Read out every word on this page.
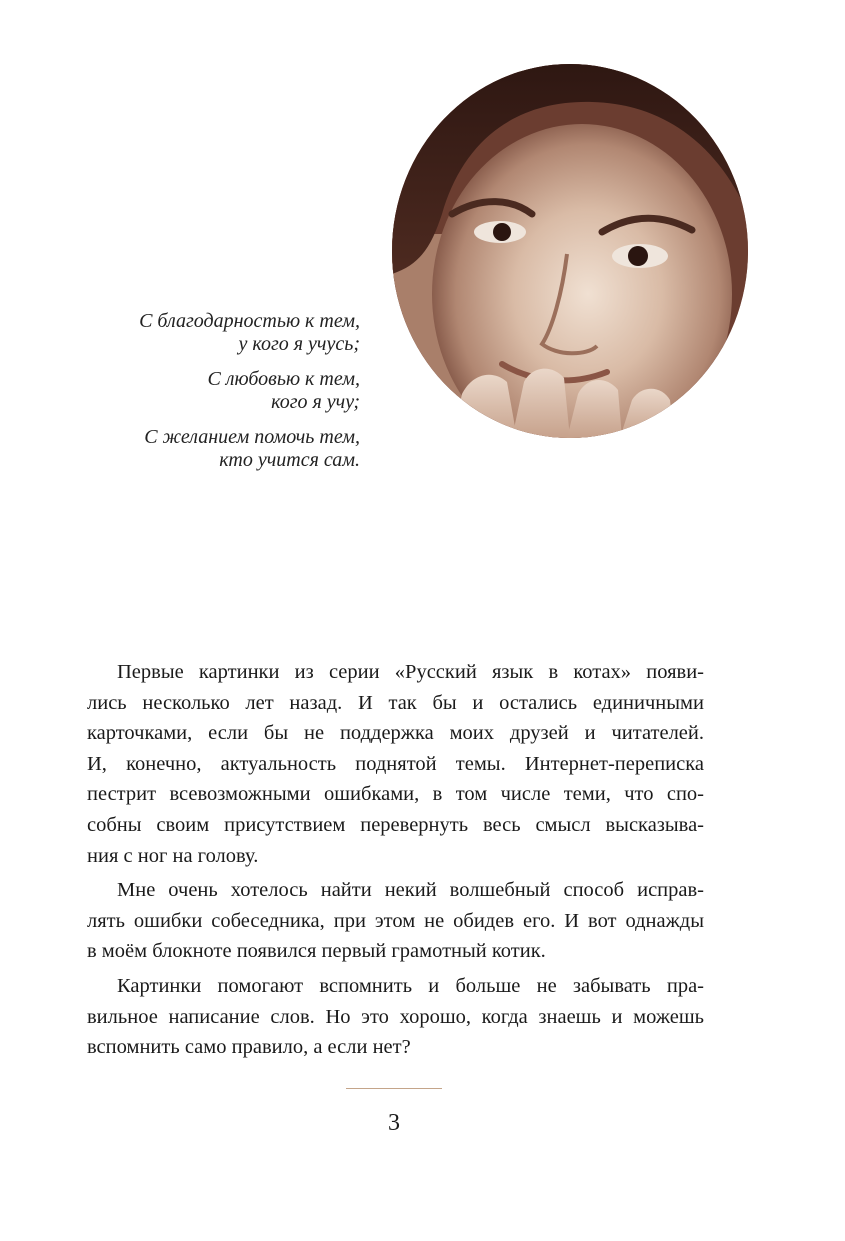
С благодарностью к тем,
у кого я учусь;

С любовью к тем,
кого я учу;

С желанием помочь тем,
кто учится сам.

Первые картинки из серии «Русский язык в котах» появи-
лись несколько лет назад. И так бы и остались единичными
карточками, если бы не поддержка моих друзей и читателей.
И, конечно, актуальность поднятой темы. Интернет-переписка
пестрит всевозможными ошибками, в том числе теми, что спо-
собны своим присутствием перевернуть весь смысл высказыва-
ния с ног на голову.
Мне очень хотелось найти некий волшебный способ исправ-
лять ошибки собеседника, при этом не обидев его. И вот однажды
в моём блокноте появился первый грамотный котик.
Картинки помогают вспомнить и больше не забывать пра-
вильное написание слов. Но это хорошо, когда знаешь и можешь
вспомнить само правило, а если нет?
3
